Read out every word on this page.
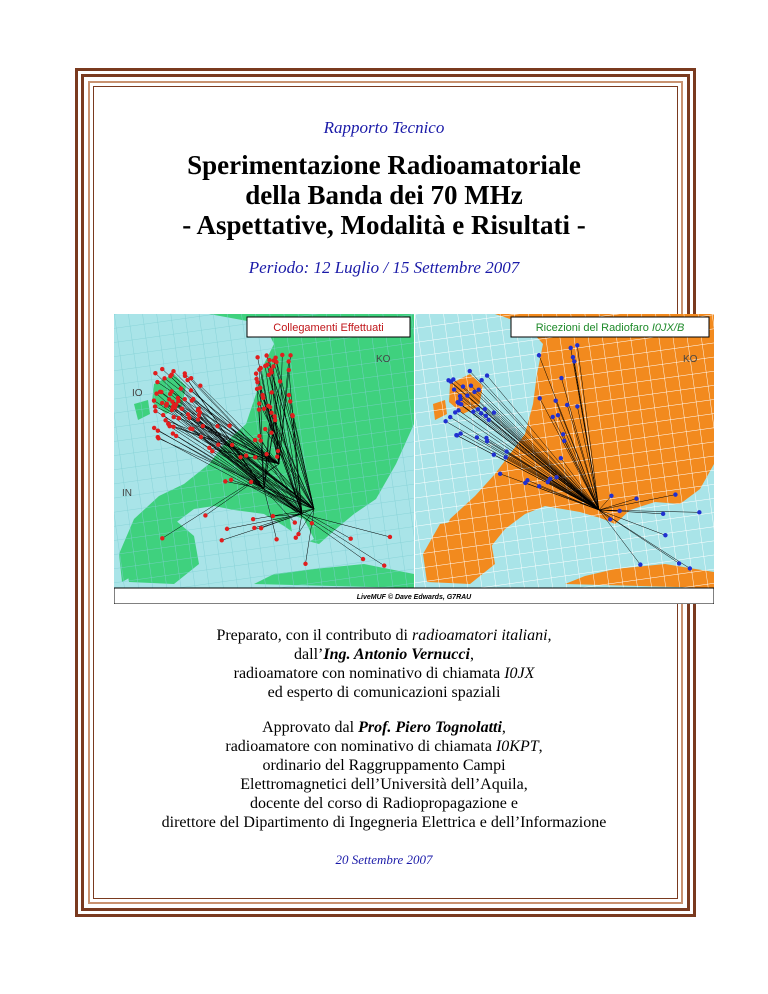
Rapporto Tecnico
Sperimentazione Radioamatoriale
della Banda dei 70 MHz
- Aspettative, Modalità e Risultati -
Periodo: 12 Luglio / 15 Settembre 2007
IO
IN
KO
Collegamenti Effettuati
KO
Ricezioni del Radiofaro I0JX/B
LiveMUF © Dave Edwards, G7RAU
Preparato, con il contributo di radioamatori italiani,
dall’Ing. Antonio Vernucci,
radioamatore con nominativo di chiamata I0JX
ed esperto di comunicazioni spaziali
Approvato dal Prof. Piero Tognolatti,
radioamatore con nominativo di chiamata I0KPT,
ordinario del Raggruppamento Campi
Elettromagnetici dell’Università dell’Aquila,
docente del corso di Radiopropagazione e
direttore del Dipartimento di Ingegneria Elettrica e dell’Informazione
20 Settembre 2007
